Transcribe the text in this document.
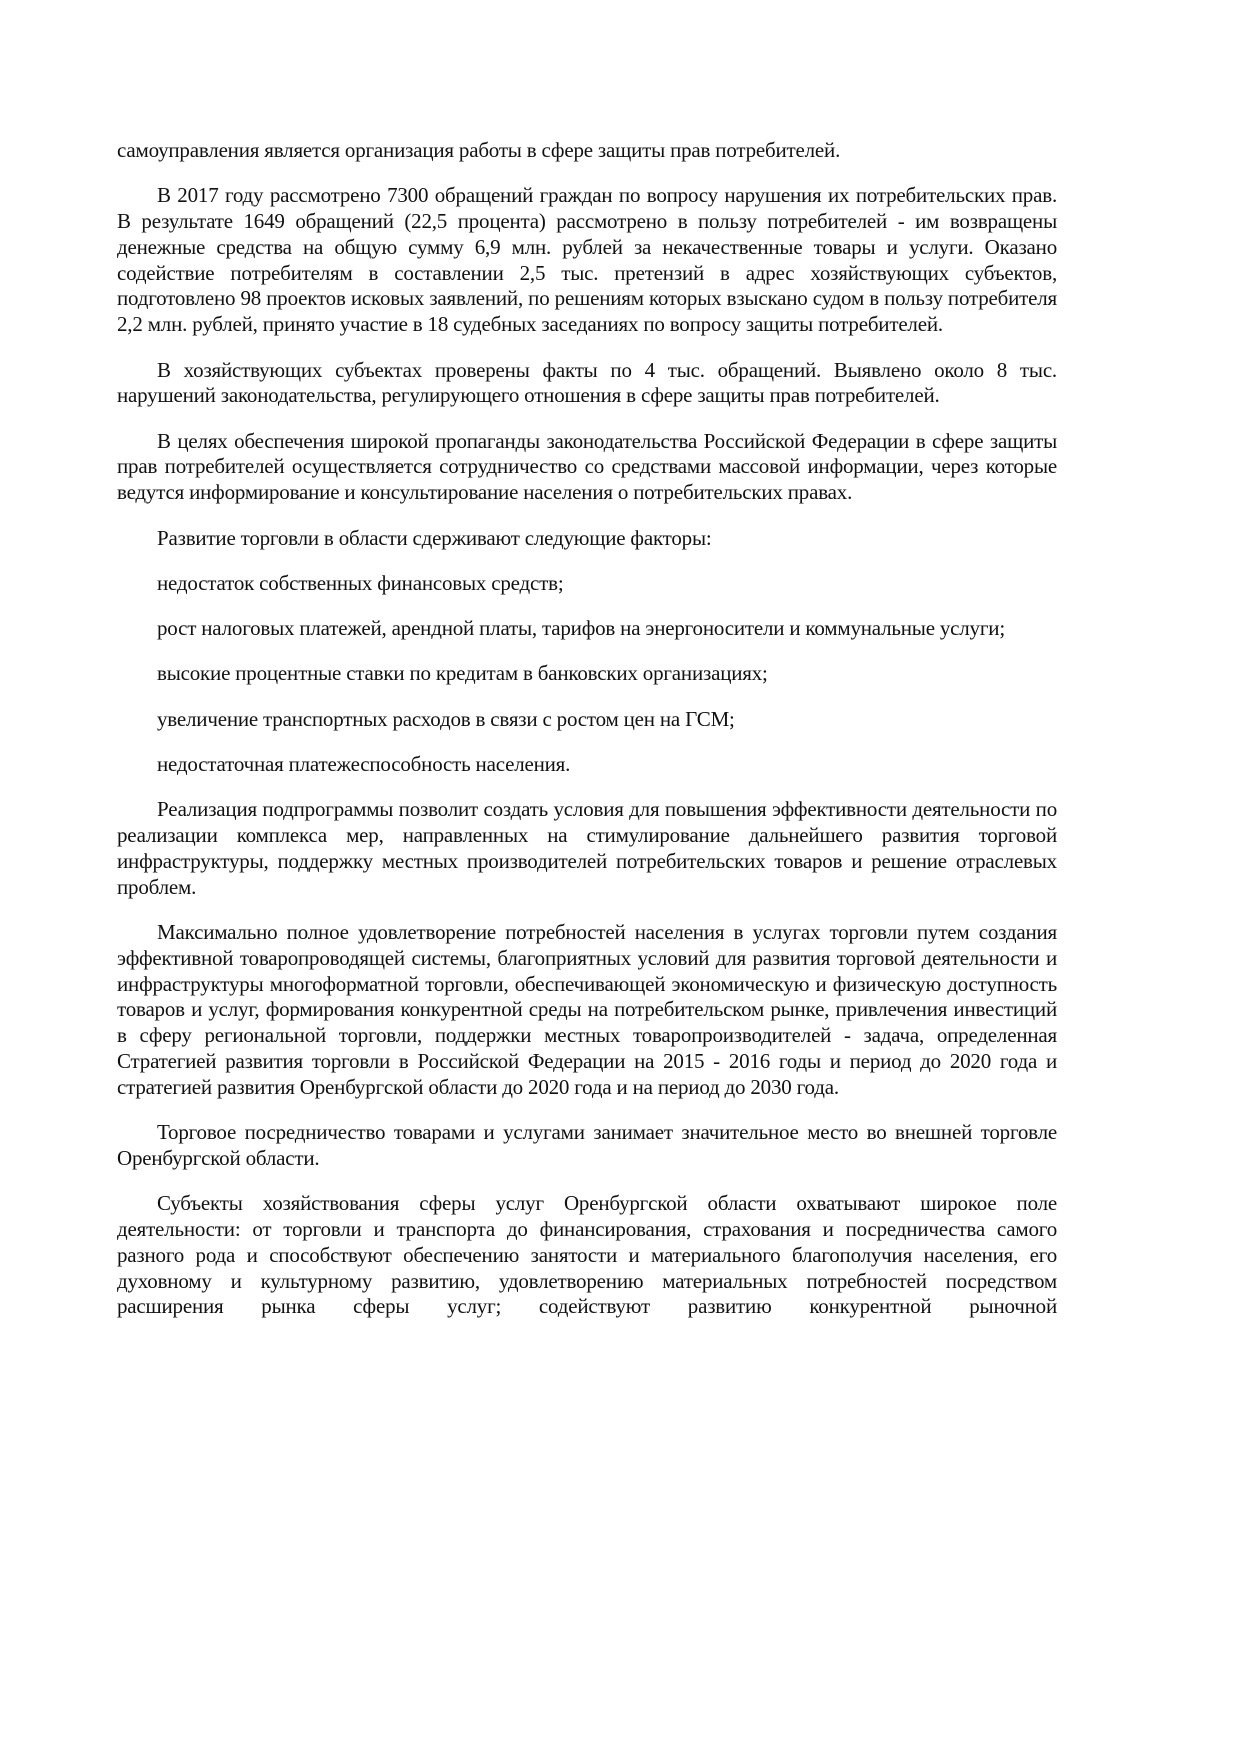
самоуправления является организация работы в сфере защиты прав потребителей.

В 2017 году рассмотрено 7300 обращений граждан по вопросу нарушения их потребительских прав. В результате 1649 обращений (22,5 процента) рассмотрено в пользу потребителей - им возвращены денежные средства на общую сумму 6,9 млн. рублей за некачественные товары и услуги. Оказано содействие потребителям в составлении 2,5 тыс. претензий в адрес хозяйствующих субъектов, подготовлено 98 проектов исковых заявлений, по решениям которых взыскано судом в пользу потребителя 2,2 млн. рублей, принято участие в 18 судебных заседаниях по вопросу защиты потребителей.

В хозяйствующих субъектах проверены факты по 4 тыс. обращений. Выявлено около 8 тыс. нарушений законодательства, регулирующего отношения в сфере защиты прав потребителей.

В целях обеспечения широкой пропаганды законодательства Российской Федерации в сфере защиты прав потребителей осуществляется сотрудничество со средствами массовой информации, через которые ведутся информирование и консультирование населения о потребительских правах.

Развитие торговли в области сдерживают следующие факторы:

недостаток собственных финансовых средств;

рост налоговых платежей, арендной платы, тарифов на энергоносители и коммунальные услуги;

высокие процентные ставки по кредитам в банковских организациях;

увеличение транспортных расходов в связи с ростом цен на ГСМ;

недостаточная платежеспособность населения.

Реализация подпрограммы позволит создать условия для повышения эффективности деятельности по реализации комплекса мер, направленных на стимулирование дальнейшего развития торговой инфраструктуры, поддержку местных производителей потребительских товаров и решение отраслевых проблем.

Максимально полное удовлетворение потребностей населения в услугах торговли путем создания эффективной товаропроводящей системы, благоприятных условий для развития торговой деятельности и инфраструктуры многоформатной торговли, обеспечивающей экономическую и физическую доступность товаров и услуг, формирования конкурентной среды на потребительском рынке, привлечения инвестиций в сферу региональной торговли, поддержки местных товаропроизводителей - задача, определенная Стратегией развития торговли в Российской Федерации на 2015 - 2016 годы и период до 2020 года и стратегией развития Оренбургской области до 2020 года и на период до 2030 года.

Торговое посредничество товарами и услугами занимает значительное место во внешней торговле Оренбургской области.

Субъекты хозяйствования сферы услуг Оренбургской области охватывают широкое поле деятельности: от торговли и транспорта до финансирования, страхования и посредничества самого разного рода и способствуют обеспечению занятости и материального благополучия населения, его духовному и культурному развитию, удовлетворению материальных потребностей посредством расширения рынка сферы услуг; содействуют развитию конкурентной рыночной
